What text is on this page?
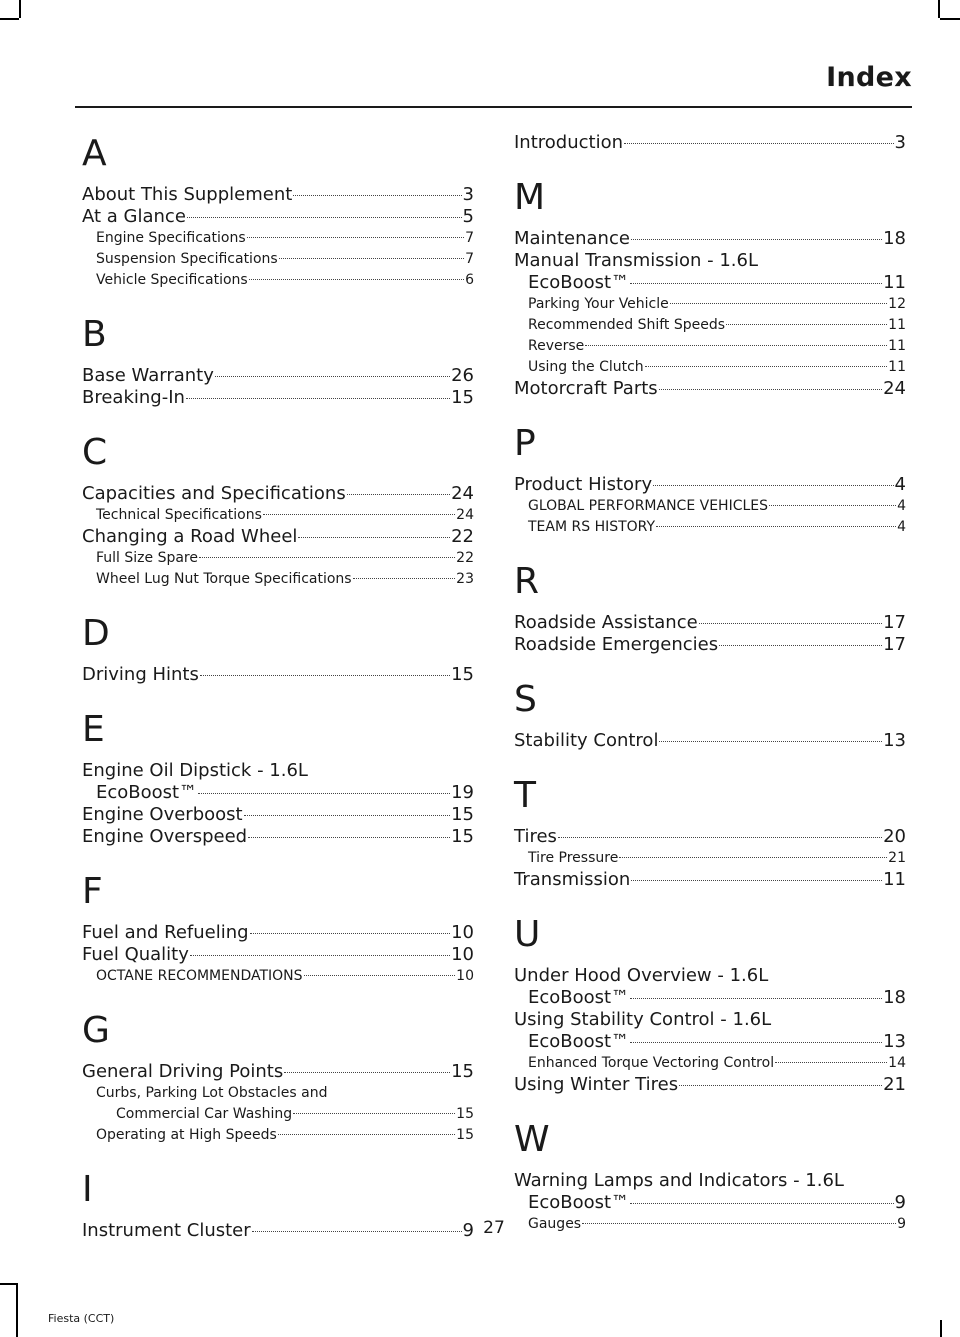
Index
A
About This Supplement	3
At a Glance	5
Engine Specifications	7
Suspension Specifications	7
Vehicle Specifications	6
B
Base Warranty	26
Breaking-In	15
C
Capacities and Specifications	24
Technical Specifications	24
Changing a Road Wheel	22
Full Size Spare	22
Wheel Lug Nut Torque Specifications	23
D
Driving Hints	15
E
Engine Oil Dipstick - 1.6L
EcoBoost™	19
Engine Overboost	15
Engine Overspeed	15
F
Fuel and Refueling	10
Fuel Quality	10
OCTANE RECOMMENDATIONS	10
G
General Driving Points	15
Curbs, Parking Lot Obstacles and
Commercial Car Washing	15
Operating at High Speeds	15
I
Instrument Cluster	9
Introduction	3
M
Maintenance	18
Manual Transmission - 1.6L
EcoBoost™	11
Parking Your Vehicle	12
Recommended Shift Speeds	11
Reverse	11
Using the Clutch	11
Motorcraft Parts	24
P
Product History	4
GLOBAL PERFORMANCE VEHICLES	4
TEAM RS HISTORY	4
R
Roadside Assistance	17
Roadside Emergencies	17
S
Stability Control	13
T
Tires	20
Tire Pressure	21
Transmission	11
U
Under Hood Overview - 1.6L
EcoBoost™	18
Using Stability Control - 1.6L
EcoBoost™	13
Enhanced Torque Vectoring Control	14
Using Winter Tires	21
W
Warning Lamps and Indicators - 1.6L
EcoBoost™	9
Gauges	9
27
Fiesta (CCT)
